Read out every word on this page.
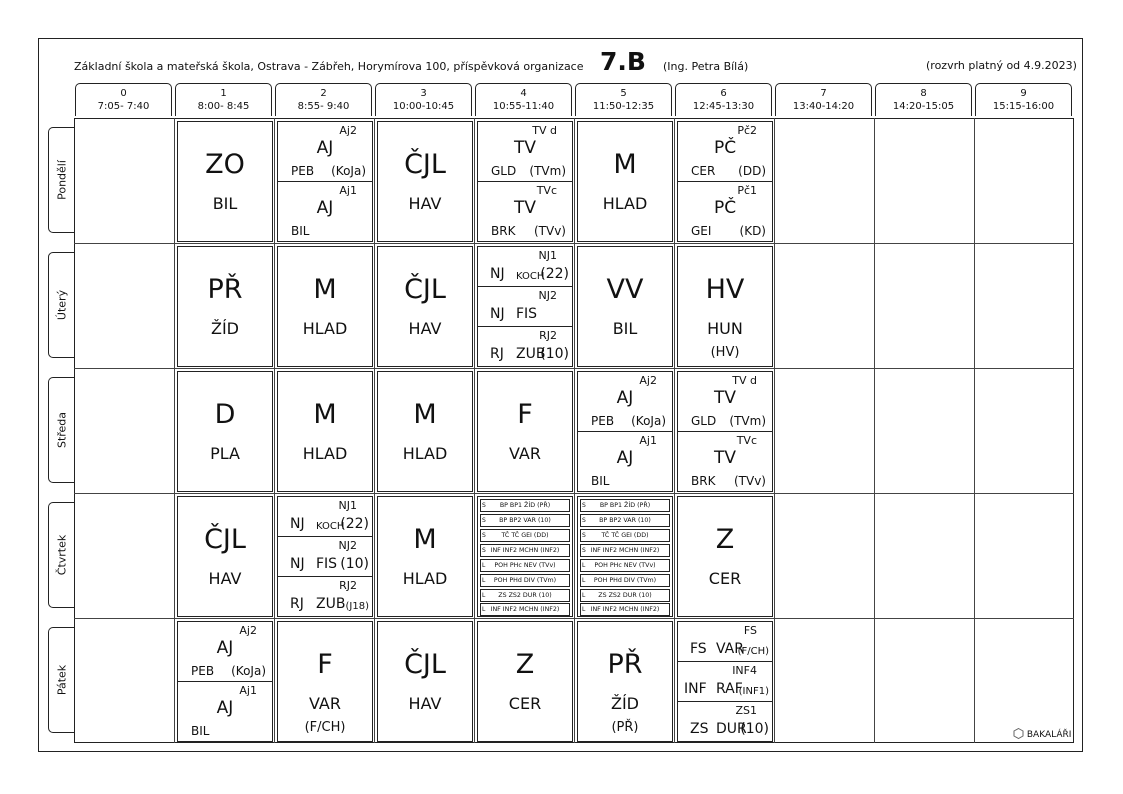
Základní škola a mateřská škola, Ostrava - Zábřeh, Horymírova 100, příspěvková organizace 7.B (Ing. Petra Bílá)	(rozvrh platný od 4.9.2023)
0
7:05- 7:40
1
8:00- 8:45
2
8:55- 9:40
3
10:00-10:45
4
10:55-11:40
5
11:50-12:35
6
12:45-13:30
7
13:40-14:20
8
14:20-15:05
9
15:15-16:00
Pondělí
Úterý
Středa
Čtvrtek
Pátek
ZO
BIL
Aj2
AJ
PEB (KoJa)
Aj1
AJ
BIL
ČJL
HAV
TV d
TV
GLD (TVm)
TVc
TV
BRK (TVv)
M
HLAD
Pč2
PČ
CER (DD)
Pč1
PČ
GEI (KD)
PŘ
ŽÍD
M
HLAD
ČJL
HAV
NJ1
NJ KOCH
(22)
NJ2
NJ FIS
RJ2
RJ ZUB
(10)
VV
BIL
HV
HUN
(HV)
D
PLA
M
HLAD
M
HLAD
F
VAR
Aj2
AJ
PEB (KoJa)
Aj1
AJ
BIL
TV d
TV
GLD (TVm)
TVc
TV
BRK (TVv)
ČJL
HAV
NJ1
NJ KOCH
(22)
NJ2
NJ FIS (10)
RJ2
RJ ZUB (J18)
M
HLAD
S BP BP1 ŽÍD (PŘ)
S BP BP2 VAR (10)
S TČ TČ GEI (DD)
S INF INF2 MCHN (INF2)
L POH PHc NEV (TVv)
L POH PHd DIV (TVm)
L ZS ZS2 DUR (10)
L INF INF2 MCHN (INF2)
S BP BP1 ŽÍD (PŘ)
S BP BP2 VAR (10)
S TČ TČ GEI (DD)
S INF INF2 MCHN (INF2)
L POH PHc NEV (TVv)
L POH PHd DIV (TVm)
L ZS ZS2 DUR (10)
L INF INF2 MCHN (INF2)
Z
CER
Aj2
AJ
PEB (KoJa)
Aj1
AJ
BIL
F
VAR
(F/CH)
ČJL
HAV
Z
CER
PŘ
ŽÍD
(PŘ)
FS
FS VAR
(F/CH)
INF4
INF RAF
(INF1)
ZS1
ZS DUR
(10)	BAKALÁŘI
